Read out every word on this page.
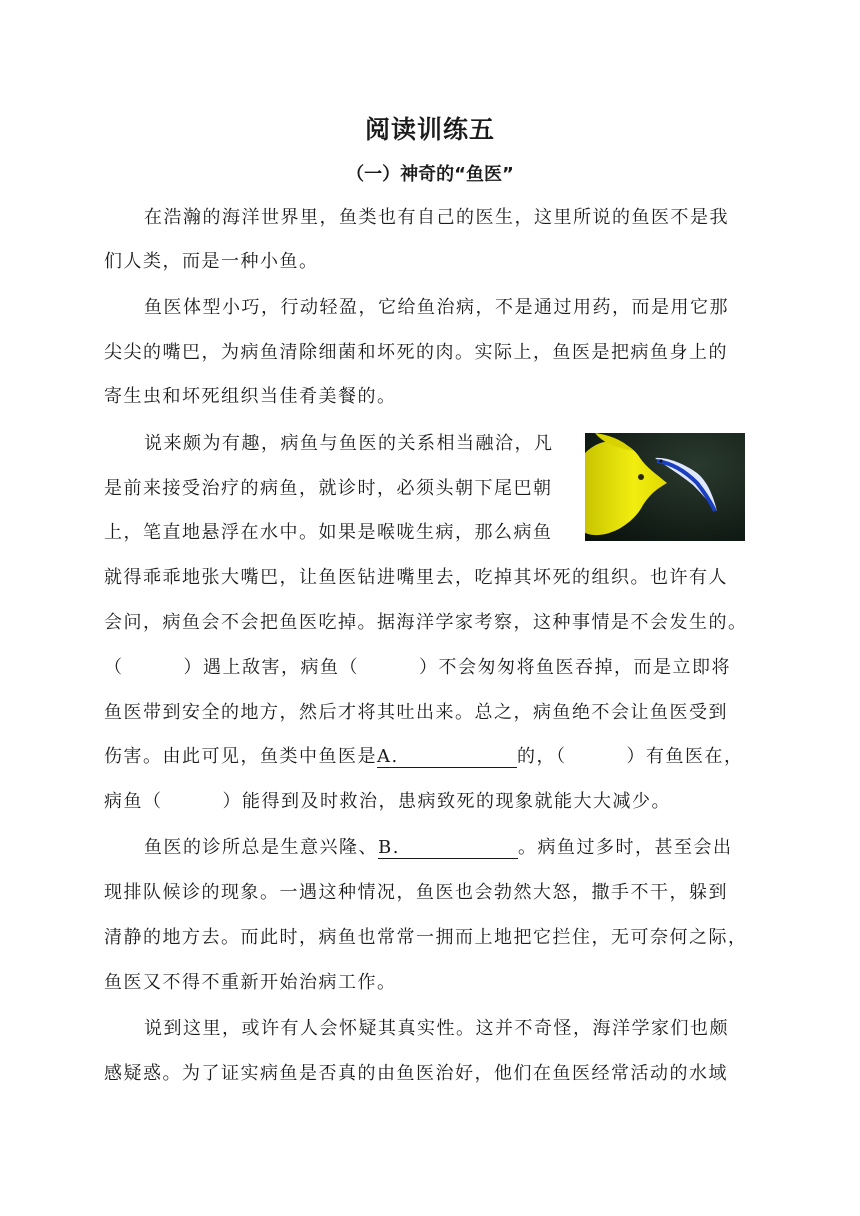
阅读训练五
（一）神奇的“鱼医”
在浩瀚的海洋世界里，鱼类也有自己的医生，这里所说的鱼医不是我
们人类，而是一种小鱼。
鱼医体型小巧，行动轻盈，它给鱼治病，不是通过用药，而是用它那
尖尖的嘴巴，为病鱼清除细菌和坏死的肉。实际上，鱼医是把病鱼身上的
寄生虫和坏死组织当佳肴美餐的。
说来颇为有趣，病鱼与鱼医的关系相当融洽，凡
是前来接受治疗的病鱼，就诊时，必须头朝下尾巴朝
上，笔直地悬浮在水中。如果是喉咙生病，那么病鱼
就得乖乖地张大嘴巴，让鱼医钻进嘴里去，吃掉其坏死的组织。也许有人
会问，病鱼会不会把鱼医吃掉。据海洋学家考察，这种事情是不会发生的。
（	）遇上敌害，病鱼（	）不会匆匆将鱼医吞掉，而是立即将
鱼医带到安全的地方，然后才将其吐出来。总之，病鱼绝不会让鱼医受到
伤害。由此可见，鱼类中鱼医是A.	的，（	）有鱼医在，
病鱼（	）能得到及时救治，患病致死的现象就能大大减少。
鱼医的诊所总是生意兴隆、B.	。病鱼过多时，甚至会出
现排队候诊的现象。一遇这种情况，鱼医也会勃然大怒，撒手不干，躲到
清静的地方去。而此时，病鱼也常常一拥而上地把它拦住，无可奈何之际，
鱼医又不得不重新开始治病工作。
说到这里，或许有人会怀疑其真实性。这并不奇怪，海洋学家们也颇
感疑惑。为了证实病鱼是否真的由鱼医治好，他们在鱼医经常活动的水域
